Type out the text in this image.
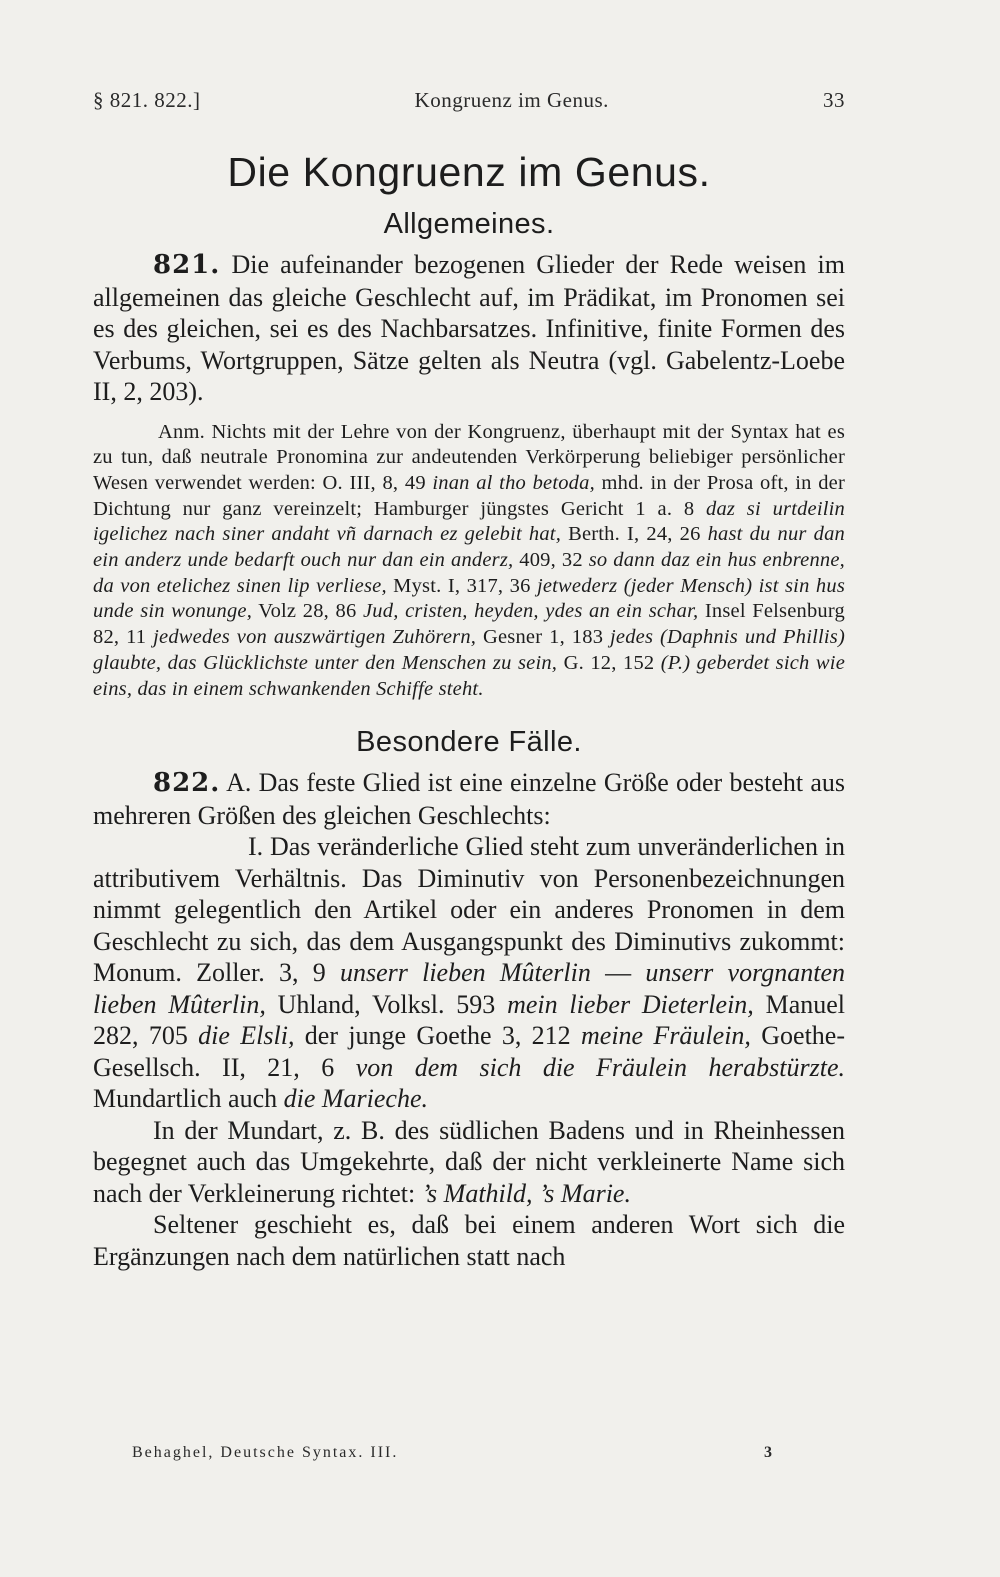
§ 821. 822.]	Kongruenz im Genus.	33
Die Kongruenz im Genus.
Allgemeines.

821. Die aufeinander bezogenen Glieder der Rede weisen im allgemeinen das gleiche Geschlecht auf, im Prädikat, im Pronomen sei es des gleichen, sei es des Nachbarsatzes. Infinitive, finite Formen des Verbums, Wortgruppen, Sätze gelten als Neutra (vgl. Gabelentz-Loebe II, 2, 203).

Anm. Nichts mit der Lehre von der Kongruenz, überhaupt mit der Syntax hat es zu tun, daß neutrale Pronomina zur andeutenden Verkörperung beliebiger persönlicher Wesen verwendet werden: O. III, 8, 49 inan al tho betoda, mhd. in der Prosa oft, in der Dichtung nur ganz vereinzelt; Hamburger jüngstes Gericht 1 a. 8 daz si urtdeilin igelichez nach siner andaht vñ darnach ez gelebit hat, Berth. I, 24, 26 hast du nur dan ein anderz unde bedarft ouch nur dan ein anderz, 409, 32 so dann daz ein hus enbrenne, da von etelichez sinen lip verliese, Myst. I, 317, 36 jetwederz (jeder Mensch) ist sin hus unde sin wonunge, Volz 28, 86 Jud, cristen, heyden, ydes an ein schar, Insel Felsenburg 82, 11 jedwedes von auszwärtigen Zuhörern, Gesner 1, 183 jedes (Daphnis und Phillis) glaubte, das Glücklichste unter den Menschen zu sein, G. 12, 152 (P.) geberdet sich wie eins, das in einem schwankenden Schiffe steht.

Besondere Fälle.

822. A. Das feste Glied ist eine einzelne Größe oder besteht aus mehreren Größen des gleichen Geschlechts:

I. Das veränderliche Glied steht zum unveränderlichen in attributivem Verhältnis. Das Diminutiv von Personenbezeichnungen nimmt gelegentlich den Artikel oder ein anderes Pronomen in dem Geschlecht zu sich, das dem Ausgangspunkt des Diminutivs zukommt: Monum. Zoller. 3, 9 unserr lieben Mûterlin — unserr vorgnanten lieben Mûterlin, Uhland, Volksl. 593 mein lieber Dieterlein, Manuel 282, 705 die Elsli, der junge Goethe 3, 212 meine Fräulein, Goethe-Gesellsch. II, 21, 6 von dem sich die Fräulein herabstürzte. Mundartlich auch die Marieche.

In der Mundart, z. B. des südlichen Badens und in Rheinhessen begegnet auch das Umgekehrte, daß der nicht verkleinerte Name sich nach der Verkleinerung richtet: ’s Mathild, ’s Marie.

Seltener geschieht es, daß bei einem anderen Wort sich die Ergänzungen nach dem natürlichen statt nach

Behaghel, Deutsche Syntax. III.	3
